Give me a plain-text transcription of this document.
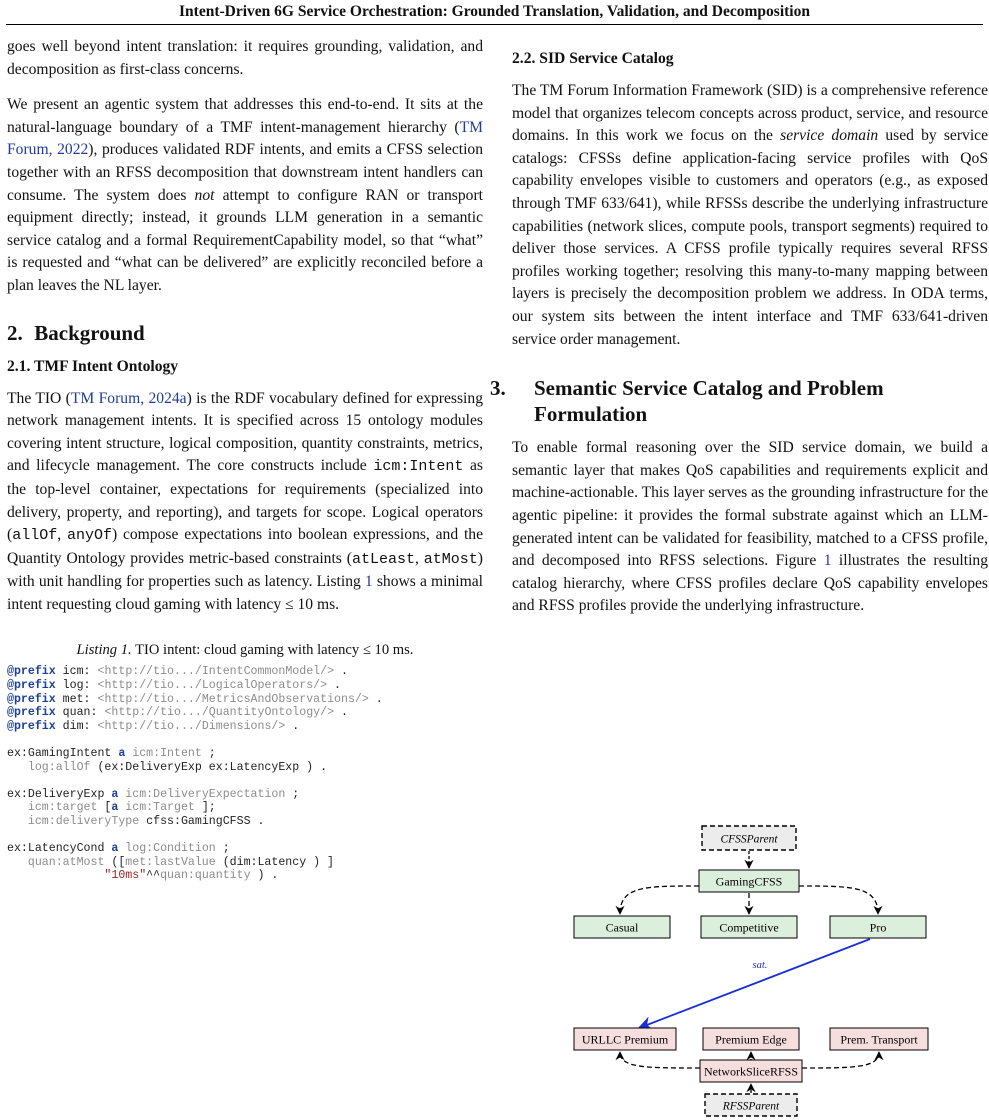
Intent-Driven 6G Service Orchestration: Grounded Translation, Validation, and Decomposition

goes well beyond intent translation: it requires grounding, validation, and decomposition as first-class concerns.

We present an agentic system that addresses this end-to-end. It sits at the natural-language boundary of a TMF intent-management hierarchy (TM Forum, 2022), produces validated RDF intents, and emits a CFSS selection together with an RFSS decomposition that downstream intent handlers can consume. The system does not attempt to configure RAN or transport equipment directly; instead, it grounds LLM generation in a semantic service catalog and a formal RequirementCapability model, so that “what” is requested and “what can be delivered” are explicitly reconciled before a plan leaves the NL layer.

2. Background
2.1. TMF Intent Ontology

The TIO (TM Forum, 2024a) is the RDF vocabulary defined for expressing network management intents. It is specified across 15 ontology modules covering intent structure, logical composition, quantity constraints, metrics, and lifecycle management. The core constructs include icm:Intent as the top-level container, expectations for requirements (specialized into delivery, property, and reporting), and targets for scope. Logical operators (allOf, anyOf) compose expectations into boolean expressions, and the Quantity Ontology provides metric-based constraints (atLeast, atMost) with unit handling for properties such as latency. Listing 1 shows a minimal intent requesting cloud gaming with latency ≤ 10 ms.

Listing 1. TIO intent: cloud gaming with latency ≤ 10 ms.
@prefix icm: <http://tio.../IntentCommonModel/> .
@prefix log: <http://tio.../LogicalOperators/> .
@prefix met: <http://tio.../MetricsAndObservations/> .
@prefix quan: <http://tio.../QuantityOntology/> .
@prefix dim: <http://tio.../Dimensions/> .

ex:GamingIntent a icm:Intent ;
log:allOf (ex:DeliveryExp ex:LatencyExp ) .

ex:DeliveryExp a icm:DeliveryExpectation ;
icm:target [a icm:Target ];
icm:deliveryType cfss:GamingCFSS .

ex:LatencyCond a log:Condition ;
quan:atMost ([met:lastValue (dim:Latency ) ]
"10ms"^^quan:quantity ) .
2.2. SID Service Catalog

The TM Forum Information Framework (SID) is a comprehensive reference model that organizes telecom concepts across product, service, and resource domains. In this work we focus on the service domain used by service catalogs: CFSSs define application-facing service profiles with QoS capability envelopes visible to customers and operators (e.g., as exposed through TMF 633/641), while RFSSs describe the underlying infrastructure capabilities (network slices, compute pools, transport segments) required to deliver those services. A CFSS profile typically requires several RFSS profiles working together; resolving this many-to-many mapping between layers is precisely the decomposition problem we address. In ODA terms, our system sits between the intent interface and TMF 633/641-driven service order management.

3. Semantic Service Catalog and Problem Formulation

To enable formal reasoning over the SID service domain, we build a semantic layer that makes QoS capabilities and requirements explicit and machine-actionable. This layer serves as the grounding infrastructure for the agentic pipeline: it provides the formal substrate against which an LLM-generated intent can be validated for feasibility, matched to a CFSS profile, and decomposed into RFSS selections. Figure 1 illustrates the resulting catalog hierarchy, where CFSS profiles declare QoS capability envelopes and RFSS profiles provide the underlying infrastructure.

CFSSParent
GamingCFSS
Casual	Competitive	Pro
sat.
URLLC Premium	Premium Edge	Prem. Transport
NetworkSliceRFSS
RFSSParent
